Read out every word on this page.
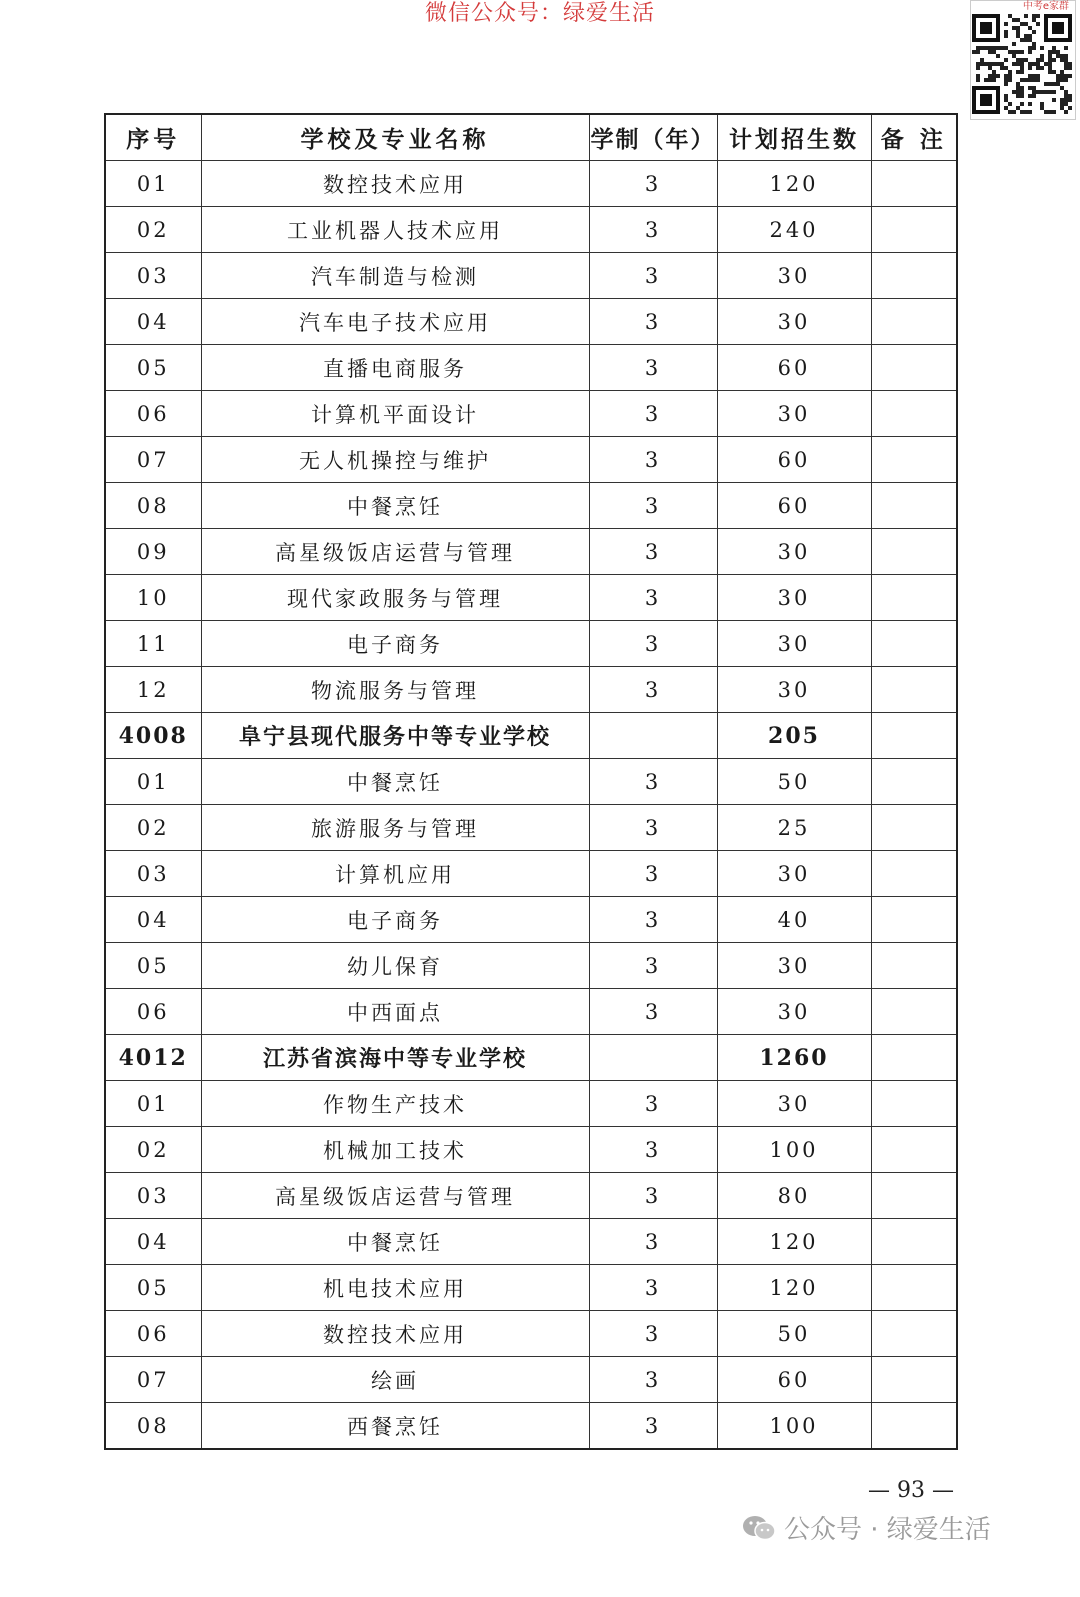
微信公众号：绿爱生活	中考e家群
序号	学校及专业名称	学制（年）	计划招生数	备 注
01	数控技术应用	3	120	
02	工业机器人技术应用	3	240	
03	汽车制造与检测	3	30	
04	汽车电子技术应用	3	30	
05	直播电商服务	3	60	
06	计算机平面设计	3	30	
07	无人机操控与维护	3	60	
08	中餐烹饪	3	60	
09	高星级饭店运营与管理	3	30	
10	现代家政服务与管理	3	30	
11	电子商务	3	30	
12	物流服务与管理	3	30	
4008	阜宁县现代服务中等专业学校		205	
01	中餐烹饪	3	50	
02	旅游服务与管理	3	25	
03	计算机应用	3	30	
04	电子商务	3	40	
05	幼儿保育	3	30	
06	中西面点	3	30	
4012	江苏省滨海中等专业学校		1260	
01	作物生产技术	3	30	
02	机械加工技术	3	100	
03	高星级饭店运营与管理	3	80	
04	中餐烹饪	3	120	
05	机电技术应用	3	120	
06	数控技术应用	3	50	
07	绘画	3	60	
08	西餐烹饪	3	100	
— 93 —
公众号 · 绿爱生活
